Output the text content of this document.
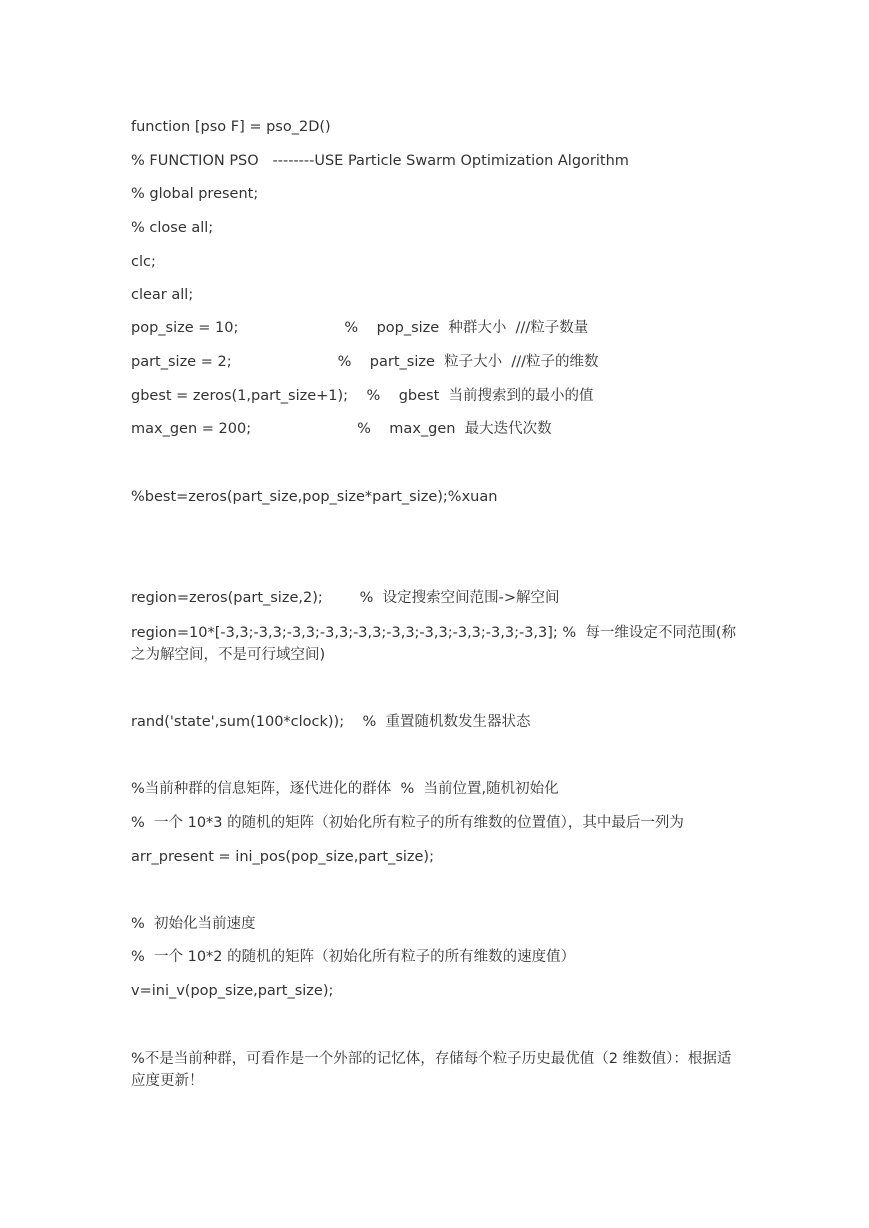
function [pso F] = pso_2D()
% FUNCTION PSO   --------USE Particle Swarm Optimization Algorithm
% global present;
% close all;
clc;
clear all;
pop_size = 10;                       %    pop_size  种群大小  ///粒子数量
part_size = 2;                       %    part_size  粒子大小  ///粒子的维数
gbest = zeros(1,part_size+1);    %    gbest  当前搜索到的最小的值
max_gen = 200;                       %    max_gen  最大迭代次数
%best=zeros(part_size,pop_size*part_size);%xuan
region=zeros(part_size,2);        %  设定搜索空间范围->解空间
region=10*[-3,3;-3,3;-3,3;-3,3;-3,3;-3,3;-3,3;-3,3;-3,3;-3,3]; %  每一维设定不同范围(称之为解空间，不是可行域空间)
rand('state',sum(100*clock));    %  重置随机数发生器状态
%当前种群的信息矩阵，逐代进化的群体  %  当前位置,随机初始化
%  一个 10*3 的随机的矩阵（初始化所有粒子的所有维数的位置值），其中最后一列为
arr_present = ini_pos(pop_size,part_size);
%  初始化当前速度
%  一个 10*2 的随机的矩阵（初始化所有粒子的所有维数的速度值）
v=ini_v(pop_size,part_size);
%不是当前种群，可看作是一个外部的记忆体，存储每个粒子历史最优值（2 维数值）：根据适应度更新！
